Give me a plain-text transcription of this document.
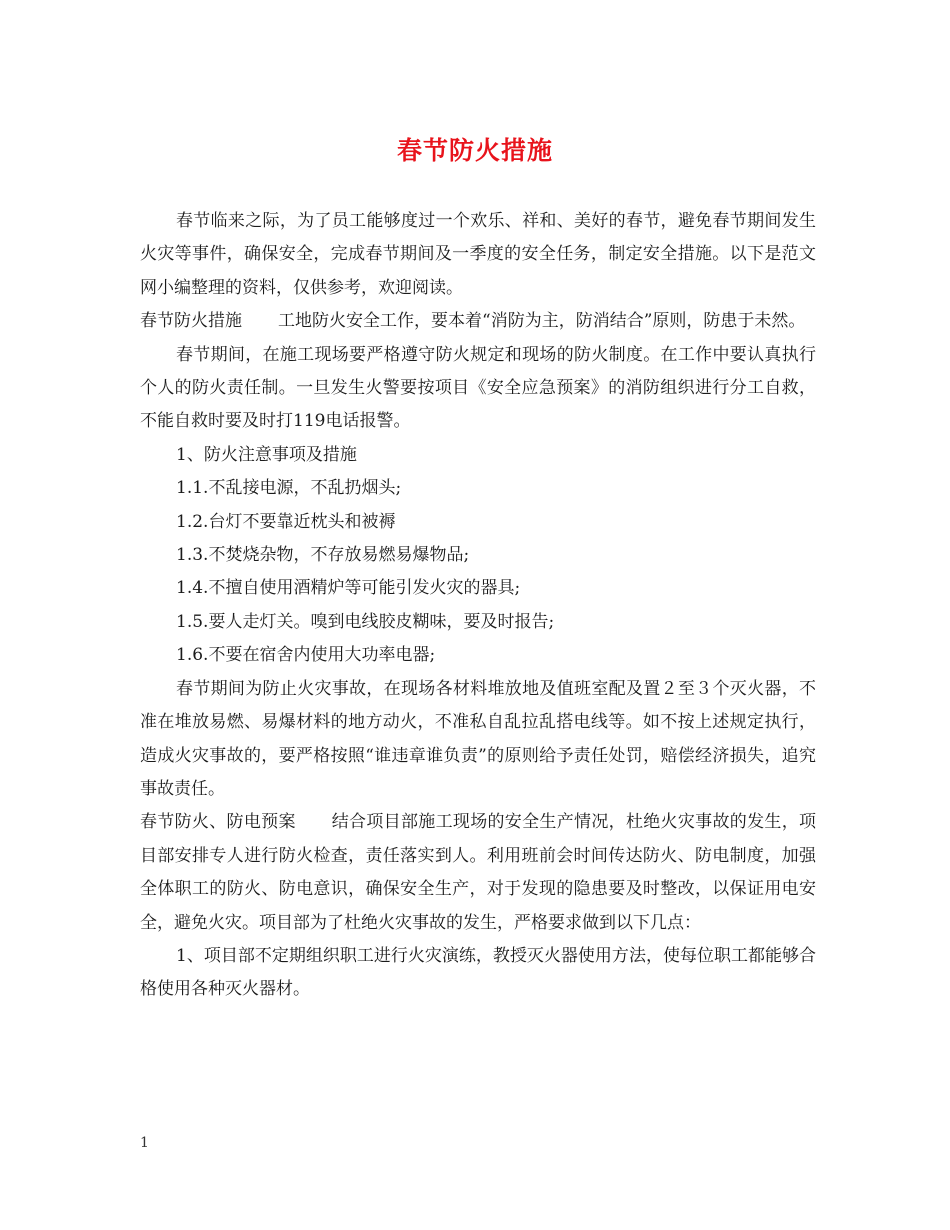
春节防火措施

春节临来之际，为了员工能够度过一个欢乐、祥和、美好的春节，避免春节期间发生火灾等事件，确保安全，完成春节期间及一季度的安全任务，制定安全措施。以下是范文网小编整理的资料，仅供参考，欢迎阅读。

春节防火措施 工地防火安全工作，要本着“消防为主，防消结合”原则，防患于未然。

春节期间，在施工现场要严格遵守防火规定和现场的防火制度。在工作中要认真执行个人的防火责任制。一旦发生火警要按项目《安全应急预案》的消防组织进行分工自救，不能自救时要及时打119电话报警。

1、防火注意事项及措施

1.1.不乱接电源，不乱扔烟头;

1.2.台灯不要靠近枕头和被褥

1.3.不焚烧杂物，不存放易燃易爆物品;

1.4.不擅自使用酒精炉等可能引发火灾的器具;

1.5.要人走灯关。嗅到电线胶皮糊味，要及时报告;

1.6.不要在宿舍内使用大功率电器;

春节期间为防止火灾事故，在现场各材料堆放地及值班室配及置２至３个灭火器，不准在堆放易燃、易爆材料的地方动火，不准私自乱拉乱搭电线等。如不按上述规定执行，造成火灾事故的，要严格按照“谁违章谁负责”的原则给予责任处罚，赔偿经济损失，追究事故责任。

春节防火、防电预案 结合项目部施工现场的安全生产情况，杜绝火灾事故的发生，项目部安排专人进行防火检查，责任落实到人。利用班前会时间传达防火、防电制度，加强全体职工的防火、防电意识，确保安全生产，对于发现的隐患要及时整改，以保证用电安全，避免火灾。项目部为了杜绝火灾事故的发生，严格要求做到以下几点：

1、项目部不定期组织职工进行火灾演练，教授灭火器使用方法，使每位职工都能够合格使用各种灭火器材。

1
